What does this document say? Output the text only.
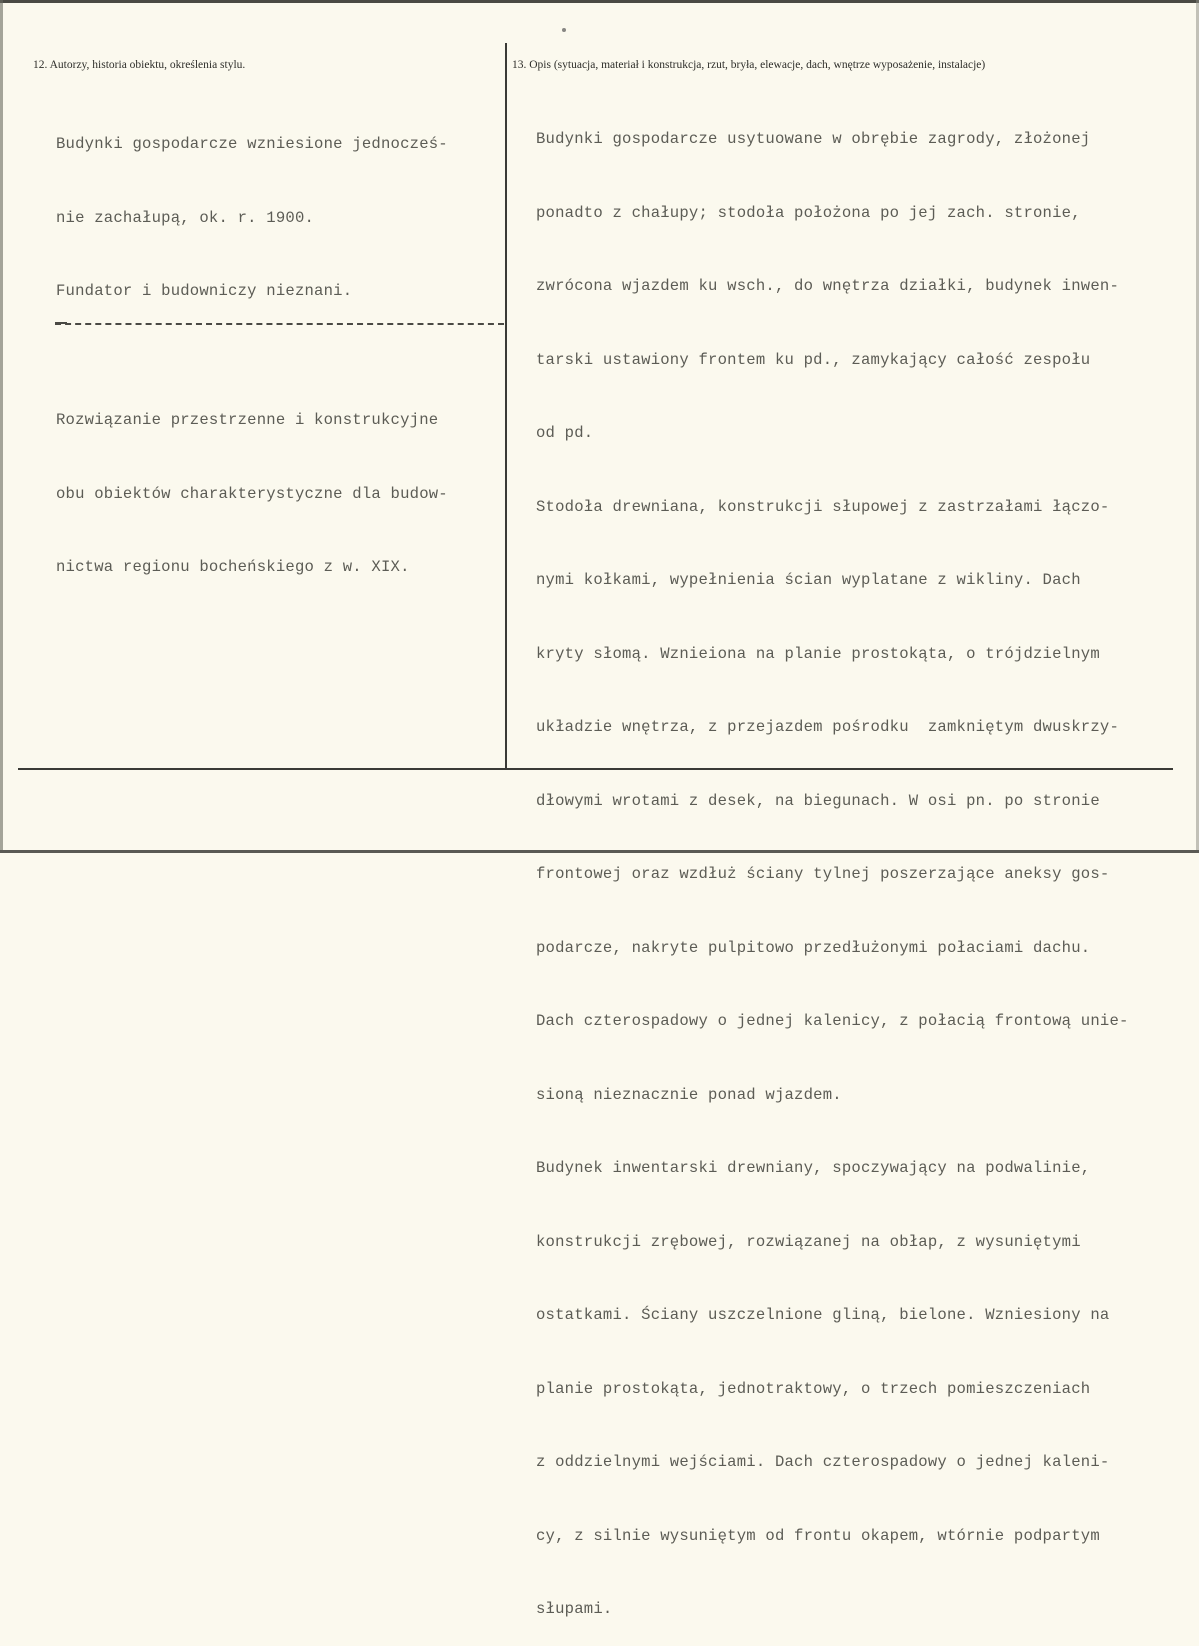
12. Autorzy, historia obiektu, określenia stylu.

Budynki gospodarcze wzniesione jednocześ-

nie zachałupą, ok. r. 1900.

Fundator i budowniczy nieznani.

Rozwiązanie przestrzenne i konstrukcyjne

obu obiektów charakterystyczne dla budow-

nictwa regionu bocheńskiego z w. XIX.

13. Opis (sytuacja, materiał i konstrukcja, rzut, bryła, elewacje, dach, wnętrze wyposażenie, instalacje)

Budynki gospodarcze usytuowane w obrębie zagrody, złożonej

ponadto z chałupy; stodoła położona po jej zach. stronie,

zwrócona wjazdem ku wsch., do wnętrza działki, budynek inwen-

tarski ustawiony frontem ku pd., zamykający całość zespołu

od pd.

Stodoła drewniana, konstrukcji słupowej z zastrzałami łączo-

nymi kołkami, wypełnienia ścian wyplatane z wikliny. Dach

kryty słomą. Wznieiona na planie prostokąta, o trójdzielnym

układzie wnętrza, z przejazdem pośrodku  zamkniętym dwuskrzy-

dłowymi wrotami z desek, na biegunach. W osi pn. po stronie

frontowej oraz wzdłuż ściany tylnej poszerzające aneksy gos-

podarcze, nakryte pulpitowo przedłużonymi połaciami dachu.

Dach czterospadowy o jednej kalenicy, z połacią frontową unie-

sioną nieznacznie ponad wjazdem.

Budynek inwentarski drewniany, spoczywający na podwalinie,

konstrukcji zrębowej, rozwiązanej na obłap, z wysuniętymi

ostatkami. Ściany uszczelnione gliną, bielone. Wzniesiony na

planie prostokąta, jednotraktowy, o trzech pomieszczeniach

z oddzielnymi wejściami. Dach czterospadowy o jednej kaleni-

cy, z silnie wysuniętym od frontu okapem, wtórnie podpartym

słupami.
